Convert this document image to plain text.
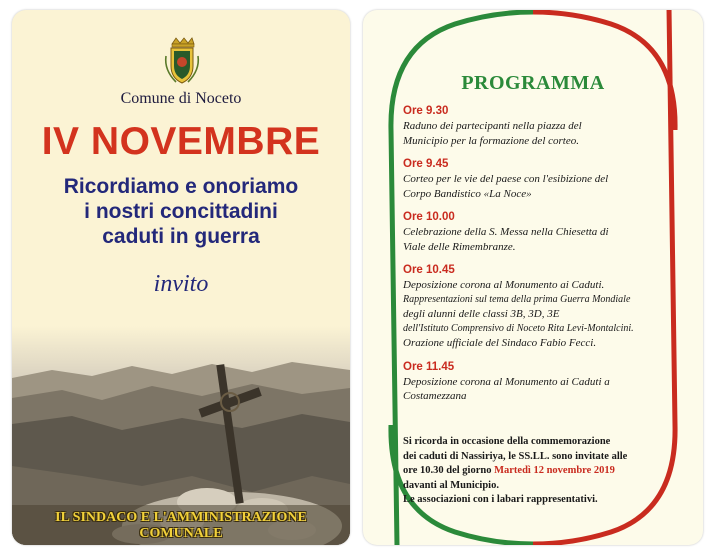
Comune di Noceto
IV NOVEMBRE
Ricordiamo e onoriamo
i nostri concittadini
caduti in guerra
invito
IL SINDACO E L'AMMINISTRAZIONE COMUNALE
PROGRAMMA
Ore 9.30
Raduno dei partecipanti nella piazza del
Municipio per la formazione del corteo.
Ore 9.45
Corteo per le vie del paese con l'esibizione del
Corpo Bandistico «La Noce»
Ore 10.00
Celebrazione della S. Messa nella Chiesetta di
Viale delle Rimembranze.
Ore 10.45
Deposizione corona al Monumento ai Caduti.
Rappresentazioni sul tema della prima Guerra Mondiale
degli alunni delle classi 3B, 3D, 3E
dell'Istituto Comprensivo di Noceto Rita Levi-Montalcini.
Orazione ufficiale del Sindaco Fabio Fecci.
Ore 11.45
Deposizione corona al Monumento ai Caduti a
Costamezzana
Si ricorda in occasione della commemorazione
dei caduti di Nassiriya, le SS.LL. sono invitate alle
ore 10.30 del giorno Martedì 12 novembre 2019
davanti al Municipio.
Le associazioni con i labari rappresentativi.
